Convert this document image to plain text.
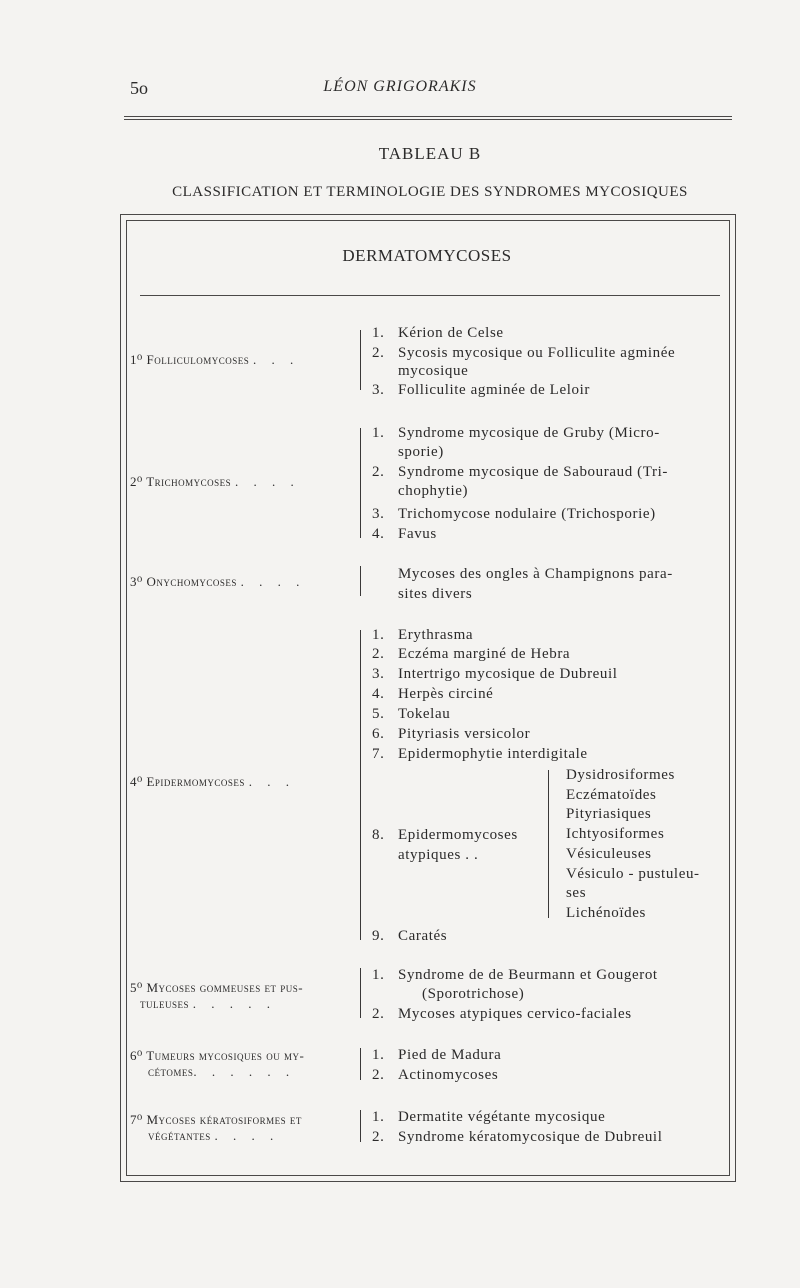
5o	LÉON GRIGORAKIS
TABLEAU B
CLASSIFICATION ET TERMINOLOGIE DES SYNDROMES MYCOSIQUES
DERMATOMYCOSES
1⁰ Folliculomycoses . . .
1. Kérion de Celse
2. Sycosis mycosique ou Folliculite agminée
mycosique
3. Folliculite agminée de Leloir
2⁰ Trichomycoses . . . .
1. Syndrome mycosique de Gruby (Micro-
sporie)
2. Syndrome mycosique de Sabouraud (Tri-
chophytie)
3. Trichomycose nodulaire (Trichosporie)
4. Favus
3⁰ Onychomycoses . . . .	Mycoses des ongles à Champignons para-
sites divers
4⁰ Epidermomycoses . . .
1. Erythrasma
2. Eczéma marginé de Hebra
3. Intertrigo mycosique de Dubreuil
4. Herpès circiné
5. Tokelau
6. Pityriasis versicolor
7. Epidermophytie interdigitale
8. Epidermomycoses
atypiques . .
9. Caratés
Dysidrosiformes
Eczématoïdes
Pityriasiques
Ichtyosiformes
Vésiculeuses
Vésiculo - pustuleu-
ses
Lichénoïdes
5⁰ Mycoses gommeuses et pus-
tuleuses . . . . .
1. Syndrome de de Beurmann et Gougerot
(Sporotrichose)
2. Mycoses atypiques cervico-faciales
6⁰ Tumeurs mycosiques ou my-
cétomes. . . . . .
1. Pied de Madura
2. Actinomycoses
7⁰ Mycoses kératosiformes et
végétantes . . . .
1. Dermatite végétante mycosique
2. Syndrome kératomycosique de Dubreuil
